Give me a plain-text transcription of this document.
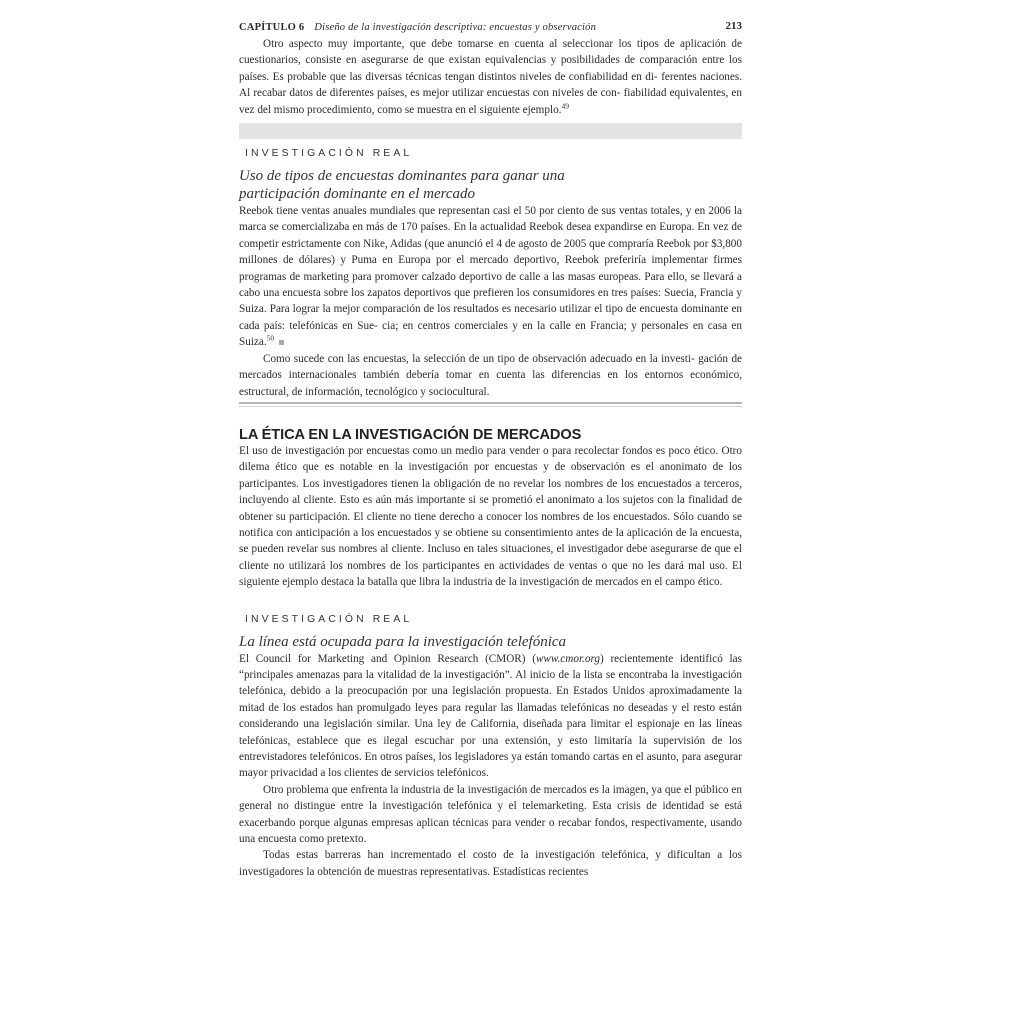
CAPÍTULO 6 Diseño de la investigación descriptiva: encuestas y observación	213

Otro aspecto muy importante, que debe tomarse en cuenta al seleccionar los tipos de aplicación de cuestionarios, consiste en asegurarse de que existan equivalencias y posibilidades de comparación entre los países. Es probable que las diversas técnicas tengan distintos niveles de confiabilidad en di- ferentes naciones. Al recabar datos de diferentes países, es mejor utilizar encuestas con niveles de con- fiabilidad equivalentes, en vez del mismo procedimiento, como se muestra en el siguiente ejemplo.$^{49}$

INVESTIGACIÓN REAL
Uso de tipos de encuestas dominantes para ganar una participación dominante en el mercado

Reebok tiene ventas anuales mundiales que representan casi el 50 por ciento de sus ventas totales, y en 2006 la marca se comercializaba en más de 170 países. En la actualidad Reebok desea expandirse en Europa. En vez de competir estrictamente con Nike, Adidas (que anunció el 4 de agosto de 2005 que compraría Reebok por $3,800 millones de dólares) y Puma en Europa por el mercado deportivo, Reebok preferiría implementar firmes programas de marketing para promover calzado deportivo de calle a las masas europeas. Para ello, se llevará a cabo una encuesta sobre los zapatos deportivos que prefieren los consumidores en tres países: Suecia, Francia y Suiza. Para lograr la mejor comparación de los resultados es necesario utilizar el tipo de encuesta dominante en cada país: telefónicas en Sue- cia; en centros comerciales y en la calle en Francia; y personales en casa en Suiza.$^{50}$

Como sucede con las encuestas, la selección de un tipo de observación adecuado en la investi- gación de mercados internacionales también debería tomar en cuenta las diferencias en los entornos económico, estructural, de información, tecnológico y sociocultural.

LA ÉTICA EN LA INVESTIGACIÓN DE MERCADOS

El uso de investigación por encuestas como un medio para vender o para recolectar fondos es poco ético. Otro dilema ético que es notable en la investigación por encuestas y de observación es el anonimato de los participantes. Los investigadores tienen la obligación de no revelar los nombres de los encuestados a terceros, incluyendo al cliente. Esto es aún más importante si se prometió el anonimato a los sujetos con la finalidad de obtener su participación. El cliente no tiene derecho a conocer los nombres de los encuestados. Sólo cuando se notifica con anticipación a los encuestados y se obtiene su consentimiento antes de la aplicación de la encuesta, se pueden revelar sus nombres al cliente. Incluso en tales situaciones, el investigador debe asegurarse de que el cliente no utilizará los nombres de los participantes en actividades de ventas o que no les dará mal uso. El siguiente ejemplo destaca la batalla que libra la industria de la investigación de mercados en el campo ético.

INVESTIGACIÓN REAL
La línea está ocupada para la investigación telefónica

El Council for Marketing and Opinion Research (CMOR) (www.cmor.org) recientemente identificó las “principales amenazas para la vitalidad de la investigación”. Al inicio de la lista se encontraba la investigación telefónica, debido a la preocupación por una legislación propuesta. En Estados Unidos aproximadamente la mitad de los estados han promulgado leyes para regular las llamadas telefónicas no deseadas y el resto están considerando una legislación similar. Una ley de California, diseñada para limitar el espionaje en las líneas telefónicas, establece que es ilegal escuchar por una extensión, y esto limitaría la supervisión de los entrevistadores telefónicos. En otros países, los legisladores ya están tomando cartas en el asunto, para asegurar mayor privacidad a los clientes de servicios telefónicos.

Otro problema que enfrenta la industria de la investigación de mercados es la imagen, ya que el público en general no distingue entre la investigación telefónica y el telemarketing. Esta crisis de identidad se está exacerbando porque algunas empresas aplican técnicas para vender o recabar fondos, respectivamente, usando una encuesta como pretexto.

Todas estas barreras han incrementado el costo de la investigación telefónica, y dificultan a los investigadores la obtención de muestras representativas. Estadísticas recientes
